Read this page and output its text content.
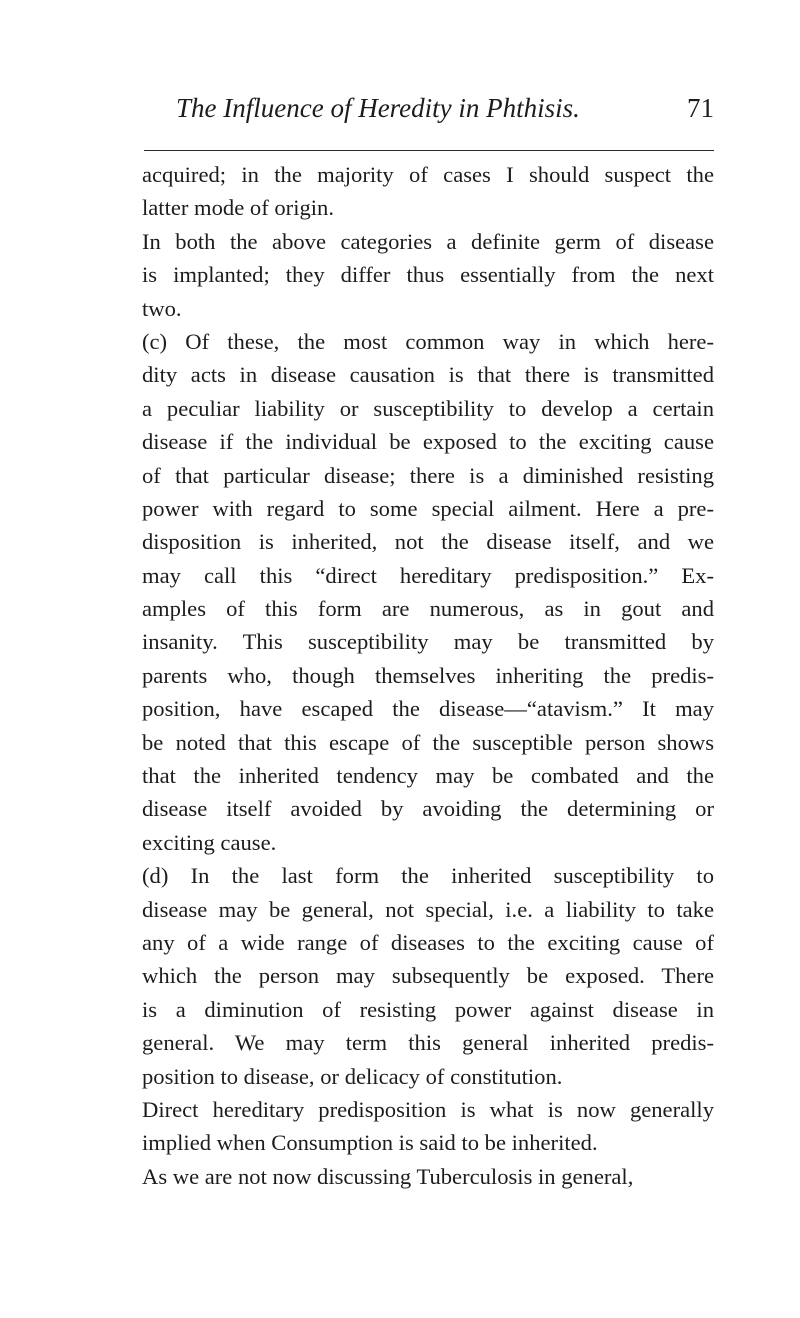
The Influence of Heredity in Phthisis.	71
acquired; in the majority of cases I should suspect the
latter mode of origin.
In both the above categories a definite germ of disease
is implanted; they differ thus essentially from the next
two.
(c) Of these, the most common way in which here-
dity acts in disease causation is that there is transmitted
a peculiar liability or susceptibility to develop a certain
disease if the individual be exposed to the exciting cause
of that particular disease; there is a diminished resisting
power with regard to some special ailment. Here a pre-
disposition is inherited, not the disease itself, and we
may call this “direct hereditary predisposition.” Ex-
amples of this form are numerous, as in gout and
insanity. This susceptibility may be transmitted by
parents who, though themselves inheriting the predis-
position, have escaped the disease—“atavism.” It may
be noted that this escape of the susceptible person shows
that the inherited tendency may be combated and the
disease itself avoided by avoiding the determining or
exciting cause.
(d) In the last form the inherited susceptibility to
disease may be general, not special, i.e. a liability to take
any of a wide range of diseases to the exciting cause of
which the person may subsequently be exposed. There
is a diminution of resisting power against disease in
general. We may term this general inherited predis-
position to disease, or delicacy of constitution.
Direct hereditary predisposition is what is now generally
implied when Consumption is said to be inherited.
As we are not now discussing Tuberculosis in general,
